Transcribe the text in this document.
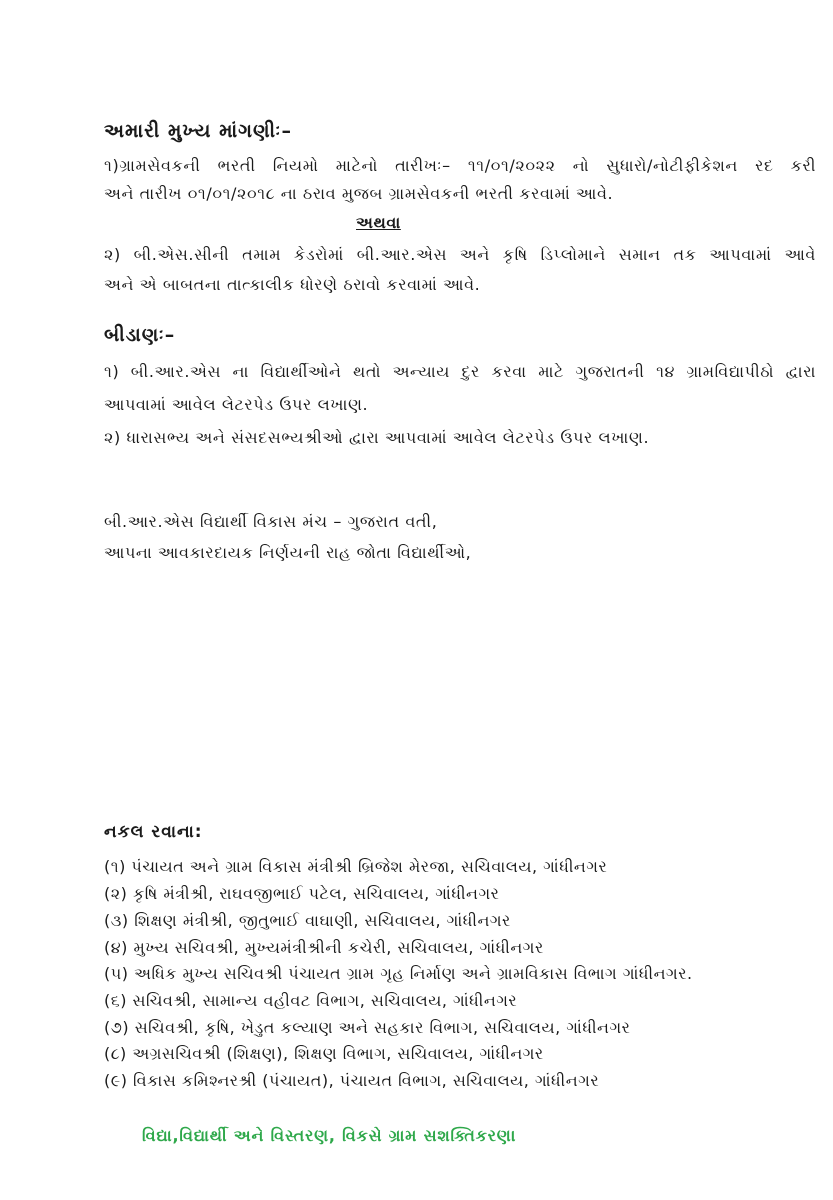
અમારી મુખ્ય માંગણીઃ–
૧)ગ્રામસેવકની ભરતી નિયમો માટેનો તારીખઃ– ૧૧/૦૧/૨૦૨૨ નો સુધારો/નોટીફીકેશન રદ કરી
અને તારીખ ૦૧/૦૧/૨૦૧૮ ના ઠરાવ મુજબ ગ્રામસેવકની ભરતી કરવામાં આવે.
અથવા
૨) બી.એસ.સીની તમામ કેડરોમાં બી.આર.એસ અને કૃષિ ડિપ્લોમાને સમાન તક આપવામાં આવે
અને એ બાબતના તાત્કાલીક ધોરણે ઠરાવો કરવામાં આવે.
બીડાણઃ–
૧) બી.આર.એસ ના વિદ્યાર્થીઓને થતો અન્યાય દુર કરવા માટે ગુજરાતની ૧૪ ગ્રામવિદ્યાપીઠો દ્વારા
આપવામાં આવેલ લેટરપેડ ઉપર લખાણ.
૨) ધારાસભ્ય અને સંસદસભ્યશ્રીઓ દ્વારા આપવામાં આવેલ લેટરપેડ ઉપર લખાણ.
બી.આર.એસ વિદ્યાર્થી વિકાસ મંચ – ગુજરાત વતી,
આપના આવકારદાયક નિર્ણયની રાહ જોતા વિદ્યાર્થીઓ,
નકલ રવાના:
(૧) પંચાયત અને ગ્રામ વિકાસ મંત્રીશ્રી બ્રિજેશ મેરજા, સચિવાલય, ગાંધીનગર
(૨) કૃષિ મંત્રીશ્રી, રાઘવજીભાઈ પટેલ, સચિવાલય, ગાંધીનગર
(૩) શિક્ષણ મંત્રીશ્રી, જીતુભાઈ વાઘાણી, સચિવાલય, ગાંધીનગર
(૪) મુખ્ય સચિવશ્રી, મુખ્યમંત્રીશ્રીની કચેરી, સચિવાલય, ગાંધીનગર
(૫) અધિક મુખ્ય સચિવશ્રી પંચાયત ગ્રામ ગૃહ નિર્માણ અને ગ્રામવિકાસ વિભાગ ગાંધીનગર.
(૬) સચિવશ્રી, સામાન્ય વહીવટ વિભાગ, સચિવાલય, ગાંધીનગર
(૭) સચિવશ્રી, કૃષિ, ખેડુત કલ્યાણ અને સહકાર વિભાગ, સચિવાલય, ગાંધીનગર
(૮) અગ્રસચિવશ્રી (શિક્ષણ), શિક્ષણ વિભાગ, સચિવાલય, ગાંધીનગર
(૯) વિકાસ કમિશ્નરશ્રી (પંચાયત), પંચાયત વિભાગ, સચિવાલય, ગાંધીનગર
વિદ્યા,વિદ્યાર્થી અને વિસ્તરણ, વિકસે ગ્રામ સશક્તિકરણ।
